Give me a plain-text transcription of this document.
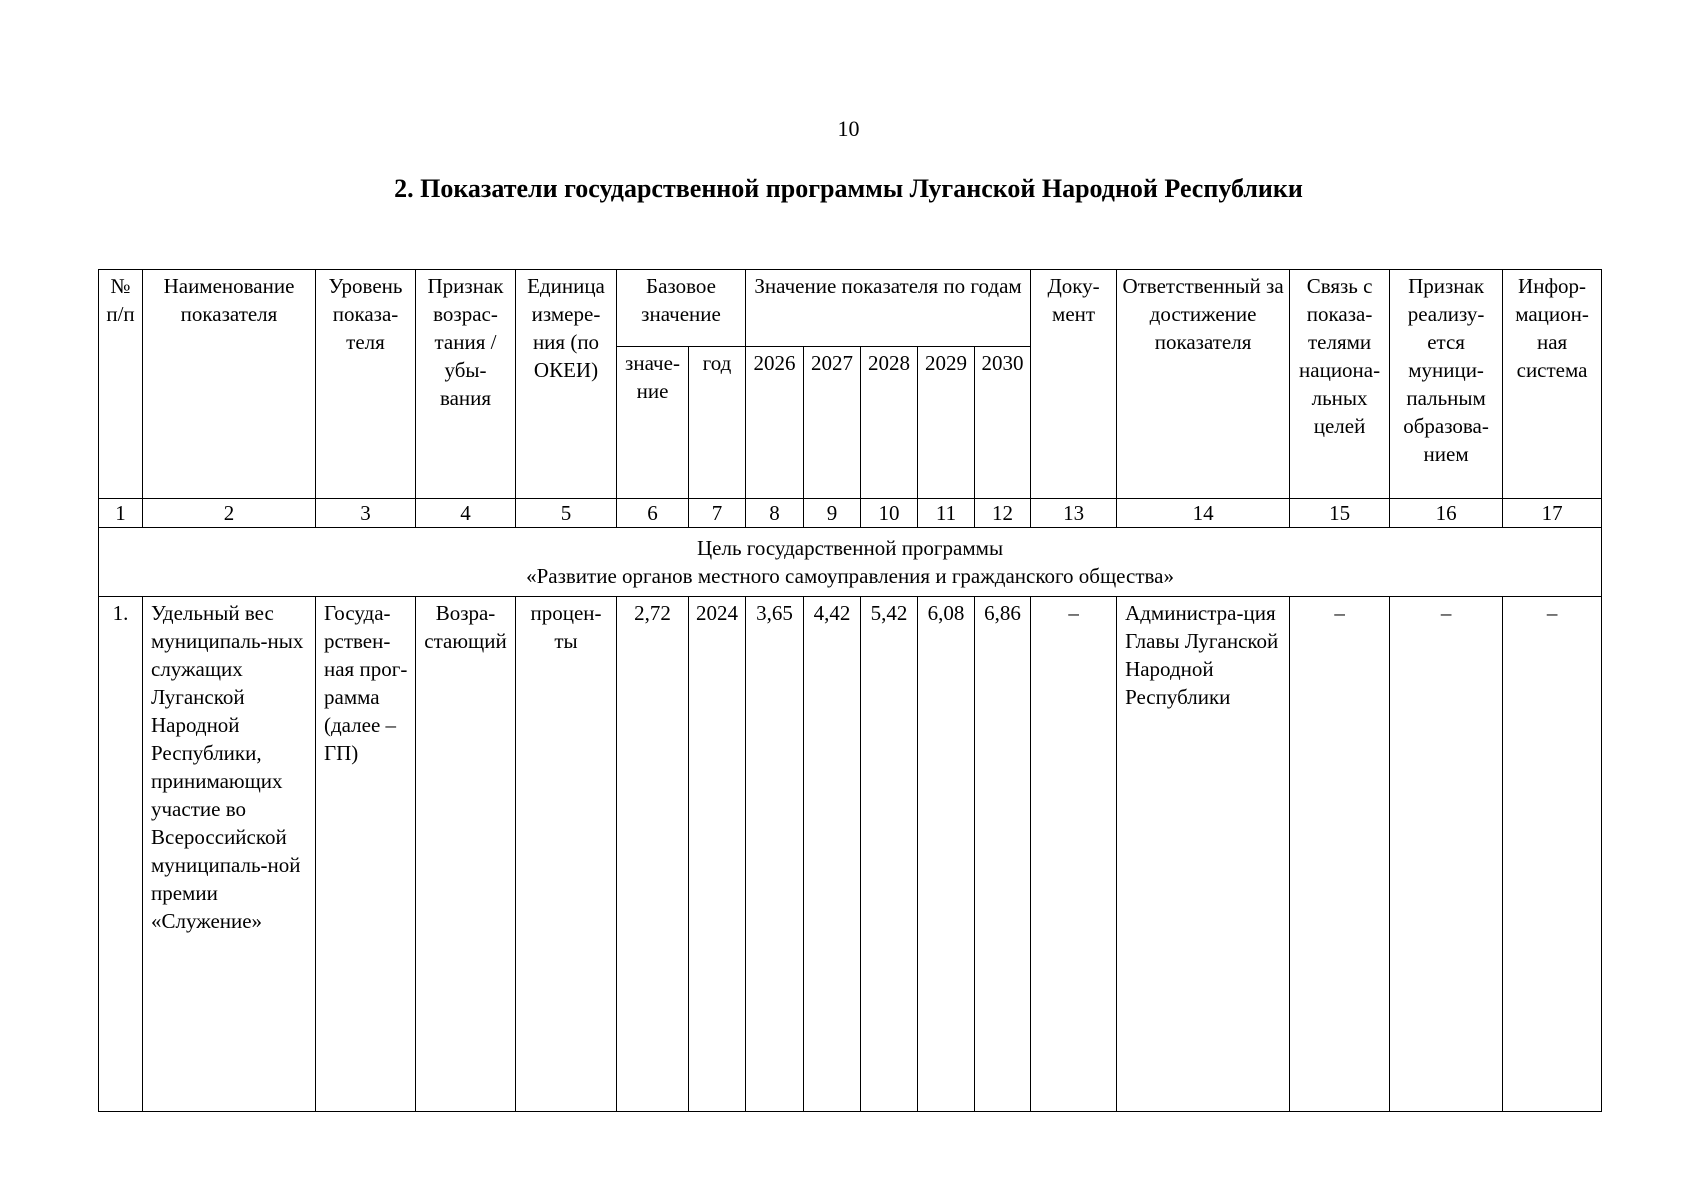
10
2. Показатели государственной программы Луганской Народной Республики
№
п/п	Наименование показателя	Уровень показа-теля	Признак возрас-тания / убы-вания	Единица измере-ния (по ОКЕИ)	Базовое значение		Значение показателя по годам					Доку-мент	Ответственный за достижение показателя	Связь с показа-телями национа-льных целей	Признак реализу-ется муници-пальным образова-нием	Инфор-мацион-ная система
					значе-ние	год	2026	2027	2028	2029	2030					
1	2	3	4	5	6	7	8	9	10	11	12	13	14	15	16	17

Цель государственной программы
«Развитие органов местного самоуправления и гражданского общества»																

1.	Удельный вес муниципаль-ных служащих Луганской Народной Республики, принимающих участие во Всероссийской муниципаль-ной премии «Служение»	Госуда-рствен-ная прог-рамма (далее – ГП)	Возра-стающий	процен-ты	2,72	2024	3,65	4,42	5,42	6,08	6,86	–	Администра-ция Главы Луганской Народной Республики	–	–	–
